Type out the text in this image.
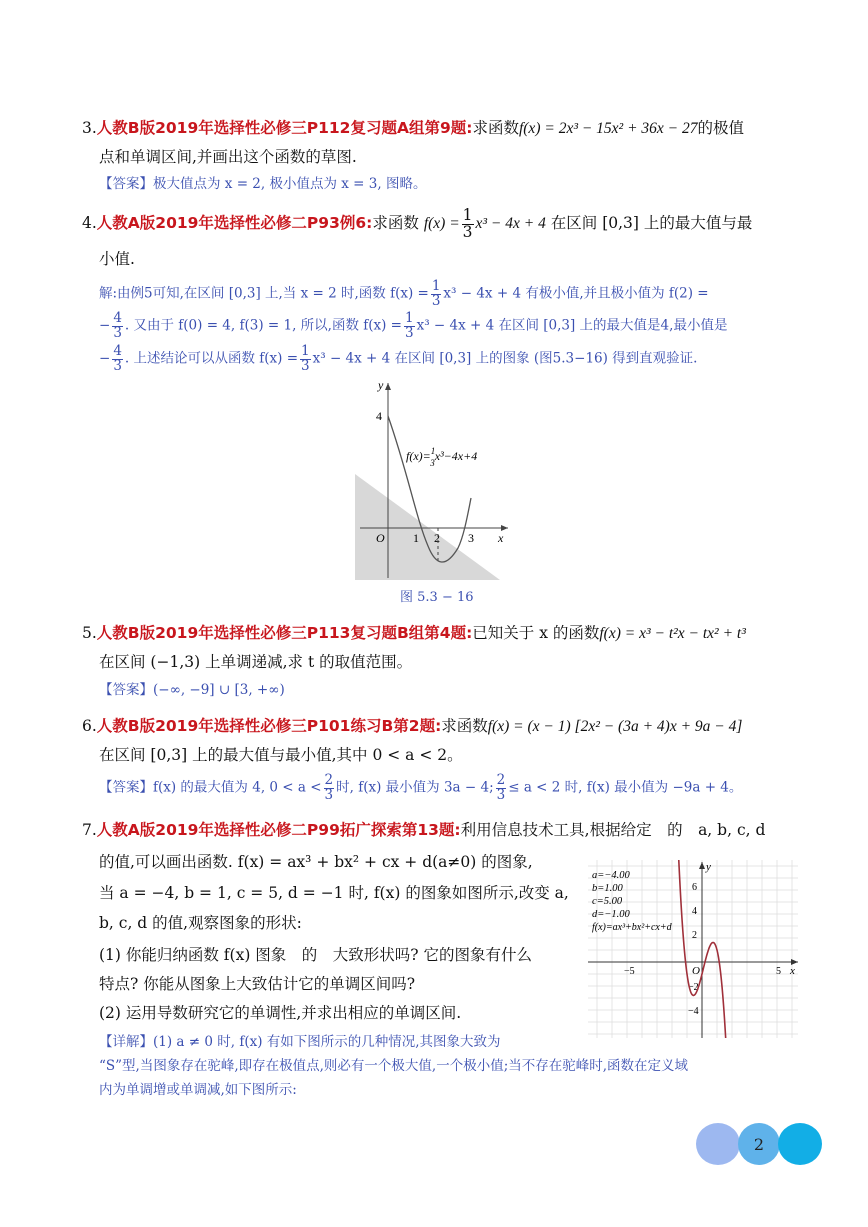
3.人教B版2019年选择性必修三P112复习题A组第9题:求函数f(x) = 2x³ − 15x² + 36x − 27的极值
点和单调区间,并画出这个函数的草图.
【答案】极大值点为 x = 2, 极小值点为 x = 3, 图略。
4.人教A版2019年选择性必修二P93例6:求函数 $f(x) = \frac{1}{3} x^3 - 4x + 4$ 在区间 [0,3] 上的最大值与最
小值.
解:由例5可知,在区间 [0,3] 上,当 x = 2 时,函数 $f(x) = \frac{1}{3} x^3 - 4x + 4$ 有极小值,并且极小值为 f(2) =
− $\frac{4}{3}$ . 又由于 f(0) = 4, f(3) = 1, 所以,函数 $f(x) = \frac{1}{3} x^3 - 4x + 4$ 在区间 [0,3] 上的最大值是4,最小值是
− $\frac{4}{3}$ . 上述结论可以从函数 $f(x) = \frac{1}{3} x^3 - 4x + 4$ 在区间 [0,3] 上的图象 (图5.3−16) 得到直观验证.
y
x
O
4
1 2 3
f(x)=$^1$ 3x³−4x+4
图 5.3 − 16
5.人教B版2019年选择性必修三P113复习题B组第4题:已知关于 x 的函数f(x) = x³ − t²x − tx² + t³
在区间 (−1,3) 上单调递减,求 t 的取值范围。
【答案】(−∞, −9] ∪ [3, +∞)
6.人教B版2019年选择性必修三P101练习B第2题:求函数f(x) = (x − 1) [2x² − (3a + 4)x + 9a − 4]
在区间 [0,3] 上的最大值与最小值,其中 0 < a < 2。
【答案】f(x) 的最大值为 4, $0 < a < \frac{2}{3}$ 时, f(x) 最小值为 3a − 4; $\frac{2}{3} \le a < 2$ 时, f(x) 最小值为 −9a + 4。
7.人教A版2019年选择性必修二P99拓广探索第13题:利用信息技术工具,根据给定　的　a, b, c, d
的值,可以画出函数. f(x) = ax³ + bx² + cx + d(a≠0) 的图象,
当 a = −4, b = 1, c = 5, d = −1 时, f(x) 的图象如图所示,改变 a,
b, c, d 的值,观察图象的形状:
(1) 你能归纳函数 f(x) 图象　的　大致形状吗? 它的图象有什么
特点? 你能从图象上大致估计它的单调区间吗?
(2) 运用导数研究它的单调性,并求出相应的单调区间.
【详解】(1) a ≠ 0 时, f(x) 有如下图所示的几种情况,其图象大致为
“S”型,当图象存在驼峰,即存在极值点,则必有一个极大值,一个极小值;当不存在驼峰时,函数在定义域
内为单调增或单调减,如下图所示:
y
x
O
6
4
2
−2
−4
−5	5
a=−4.00
b=1.00
c=5.00
d=−1.00
f(x)=ax³+bx²+cx+d
2
